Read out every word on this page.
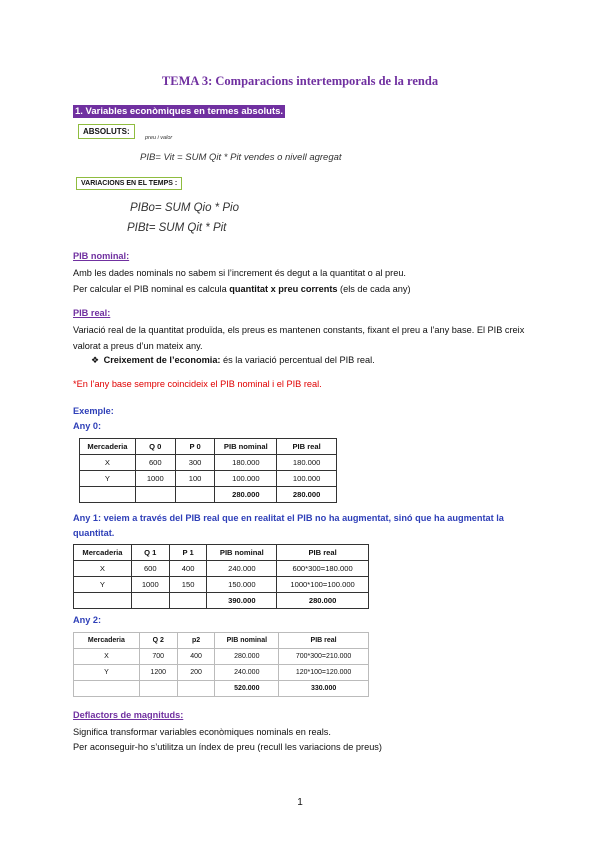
TEMA 3: Comparacions intertemporals de la renda
1. Variables econòmiques en termes absoluts.
ABSOLUTS:
preu i valor
PIB= Vit = SUM Qit * Pit vendes o nivell agregat
VARIACIONS EN EL TEMPS :
PIBo= SUM Qio * Pio
PIBt= SUM Qit * Pit
PIB nominal:
Amb les dades nominals no sabem si l’increment és degut a la quantitat o al preu.
Per calcular el PIB nominal es calcula quantitat x preu corrents (els de cada any)
PIB real:
Variació real de la quantitat produïda, els preus es mantenen constants, fixant el preu a l’any base. El PIB creix valorat a preus d’un mateix any.
❖ Creixement de l’economia: és la variació percentual del PIB real.
*En l’any base sempre coincideix el PIB nominal i el PIB real.
Exemple:
Any 0:
Mercaderia	Q 0	P 0	PIB nominal	PIB real
X	600	300	180.000	180.000
Y	1000	100	100.000	100.000
			280.000	280.000
Any 1: veiem a través del PIB real que en realitat el PIB no ha augmentat, sinó que ha augmentat la quantitat.
Mercaderia	Q 1	P 1	PIB nominal	PIB real
X	600	400	240.000	600*300=180.000
Y	1000	150	150.000	1000*100=100.000
			390.000	280.000
Any 2:
Mercaderia	Q 2	p2	PIB nominal	PIB real
X	700	400	280.000	700*300=210.000
Y	1200	200	240.000	120*100=120.000
			520.000	330.000
Deflactors de magnituds:
Significa transformar variables econòmiques nominals en reals.
Per aconseguir-ho s’utilitza un índex de preu (recull les variacions de preus)
1
